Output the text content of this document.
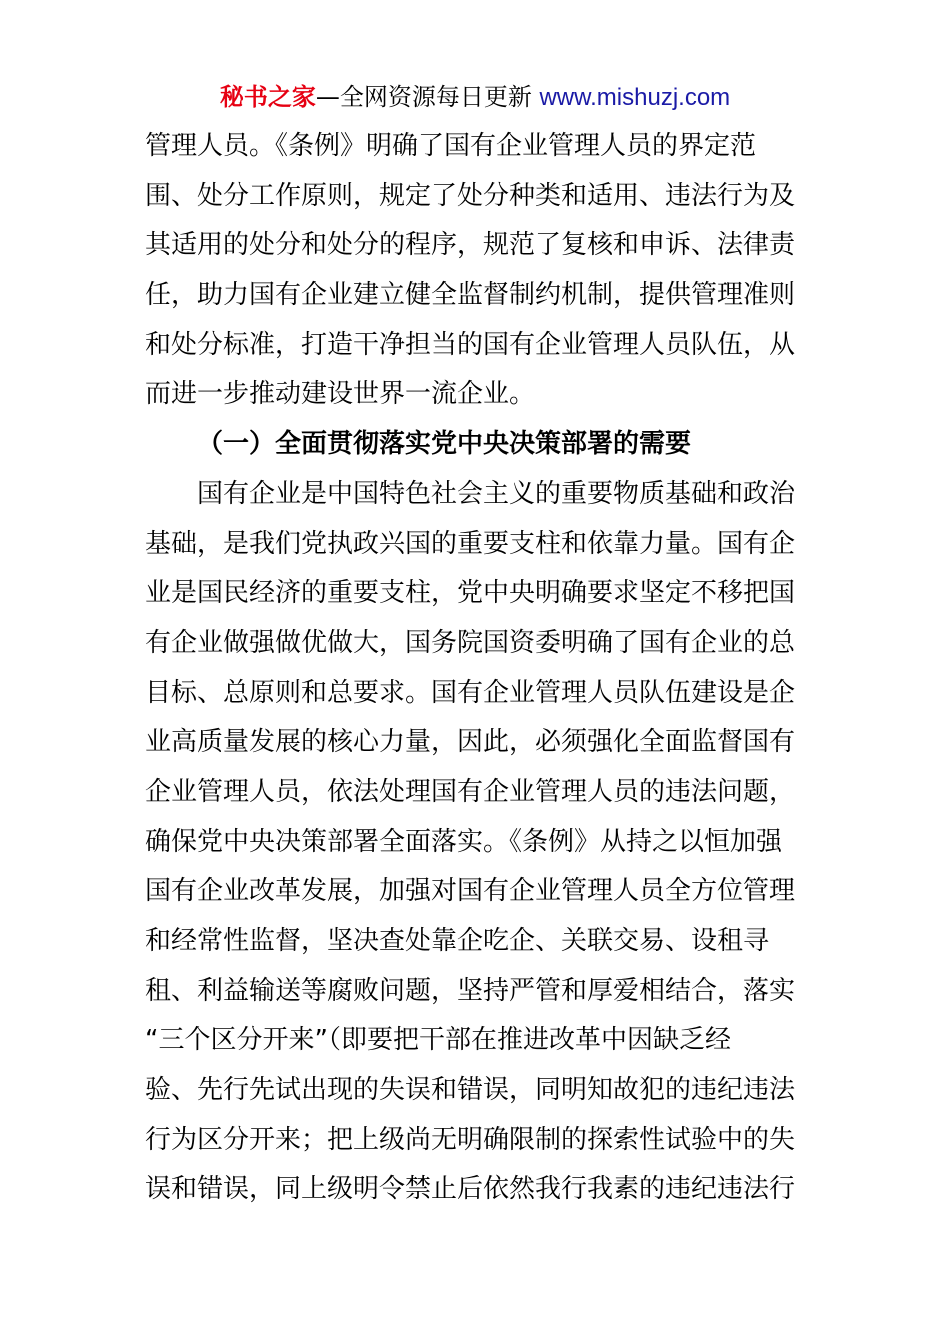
秘书之家—全网资源每日更新 www.mishuzj.com
管理人员。《条例》明确了国有企业管理人员的界定范
围、处分工作原则，规定了处分种类和适用、违法行为及
其适用的处分和处分的程序，规范了复核和申诉、法律责
任，助力国有企业建立健全监督制约机制，提供管理准则
和处分标准，打造干净担当的国有企业管理人员队伍，从
而进一步推动建设世界一流企业。
（一）全面贯彻落实党中央决策部署的需要
国有企业是中国特色社会主义的重要物质基础和政治
基础，是我们党执政兴国的重要支柱和依靠力量。国有企
业是国民经济的重要支柱，党中央明确要求坚定不移把国
有企业做强做优做大，国务院国资委明确了国有企业的总
目标、总原则和总要求。国有企业管理人员队伍建设是企
业高质量发展的核心力量，因此，必须强化全面监督国有
企业管理人员，依法处理国有企业管理人员的违法问题，
确保党中央决策部署全面落实。《条例》从持之以恒加强
国有企业改革发展，加强对国有企业管理人员全方位管理
和经常性监督，坚决查处靠企吃企、关联交易、设租寻
租、利益输送等腐败问题，坚持严管和厚爱相结合，落实
“三个区分开来”（即要把干部在推进改革中因缺乏经
验、先行先试出现的失误和错误，同明知故犯的违纪违法
行为区分开来；把上级尚无明确限制的探索性试验中的失
误和错误，同上级明令禁止后依然我行我素的违纪违法行
